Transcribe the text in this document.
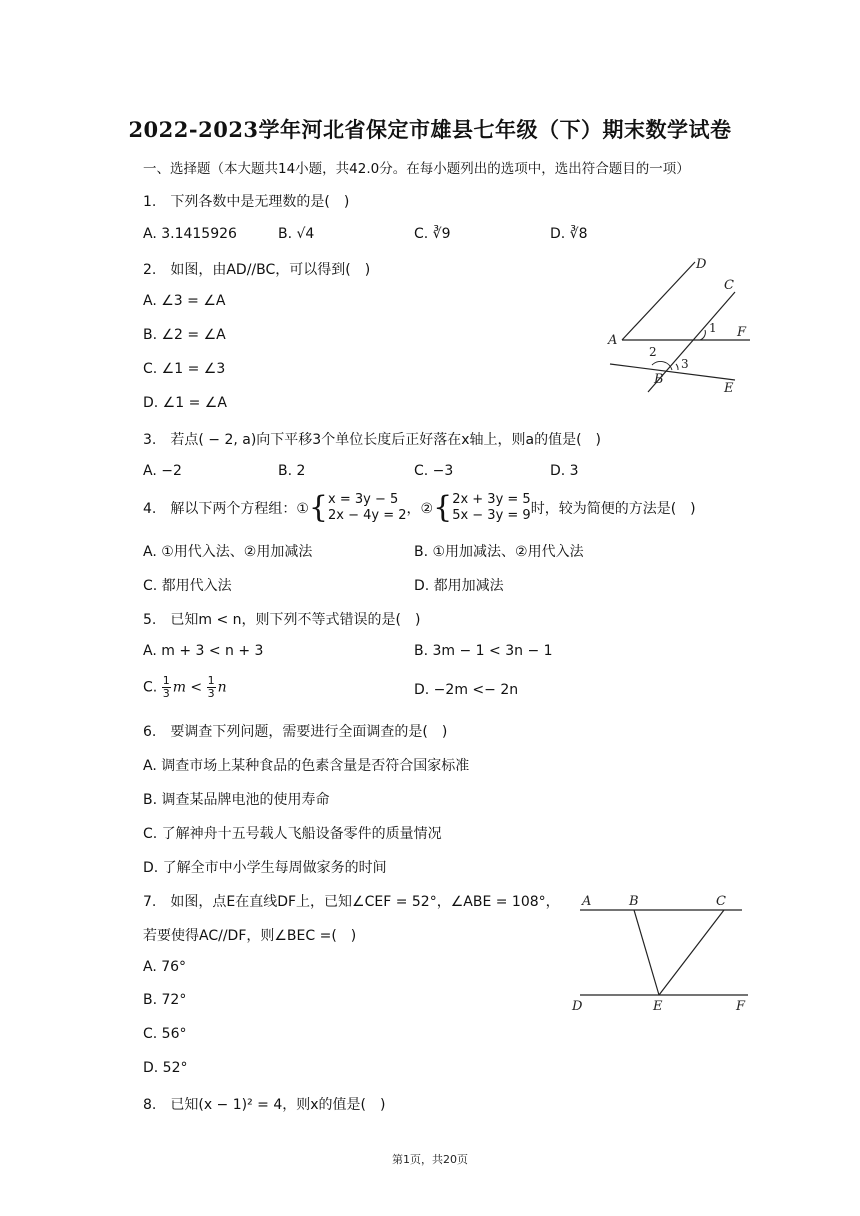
2022-2023学年河北省保定市雄县七年级（下）期末数学试卷
一、选择题（本大题共14小题，共42.0分。在每小题列出的选项中，选出符合题目的一项）
1.　下列各数中是无理数的是(　)
A. 3.1415926	B. √4	C. ∛9	D. ∛8
2.　如图，由AD//BC，可以得到(　)
A. ∠3 = ∠A
B. ∠2 = ∠A
C. ∠1 = ∠3
D. ∠1 = ∠A
D
C
A
F
B
E
1
2
3
3.　若点( − 2, a)向下平移3个单位长度后正好落在x轴上，则a的值是(　)
A. −2	B. 2	C. −3	D. 3
4.　解以下两个方程组：①{ x = 3y − 5
2x − 4y = 2 ，②{ 2x + 3y = 5
5x − 3y = 9 时，较为简便的方法是(　)
A. ①用代入法、②用加减法	B. ①用加减法、②用代入法
C. 都用代入法	D. 都用加减法
5.　已知m < n，则下列不等式错误的是(　)
A. m + 3 < n + 3	B. 3m − 1 < 3n − 1
C. $\frac{1}{3}$ $m < \frac{1}{3}$ n	D. −2m <− 2n
6.　要调查下列问题，需要进行全面调查的是(　)
A. 调查市场上某种食品的色素含量是否符合国家标准
B. 调查某品牌电池的使用寿命
C. 了解神舟十五号载人飞船设备零件的质量情况
D. 了解全市中小学生每周做家务的时间
7.　如图，点E在直线DF上，已知∠CEF = 52°，∠ABE = 108°，
若要使得AC//DF，则∠BEC =(　)
A. 76°
B. 72°
C. 56°
D. 52°
A	B	C
D	E	F
8.　已知(x − 1)² = 4，则x的值是(　)
第1页，共20页
